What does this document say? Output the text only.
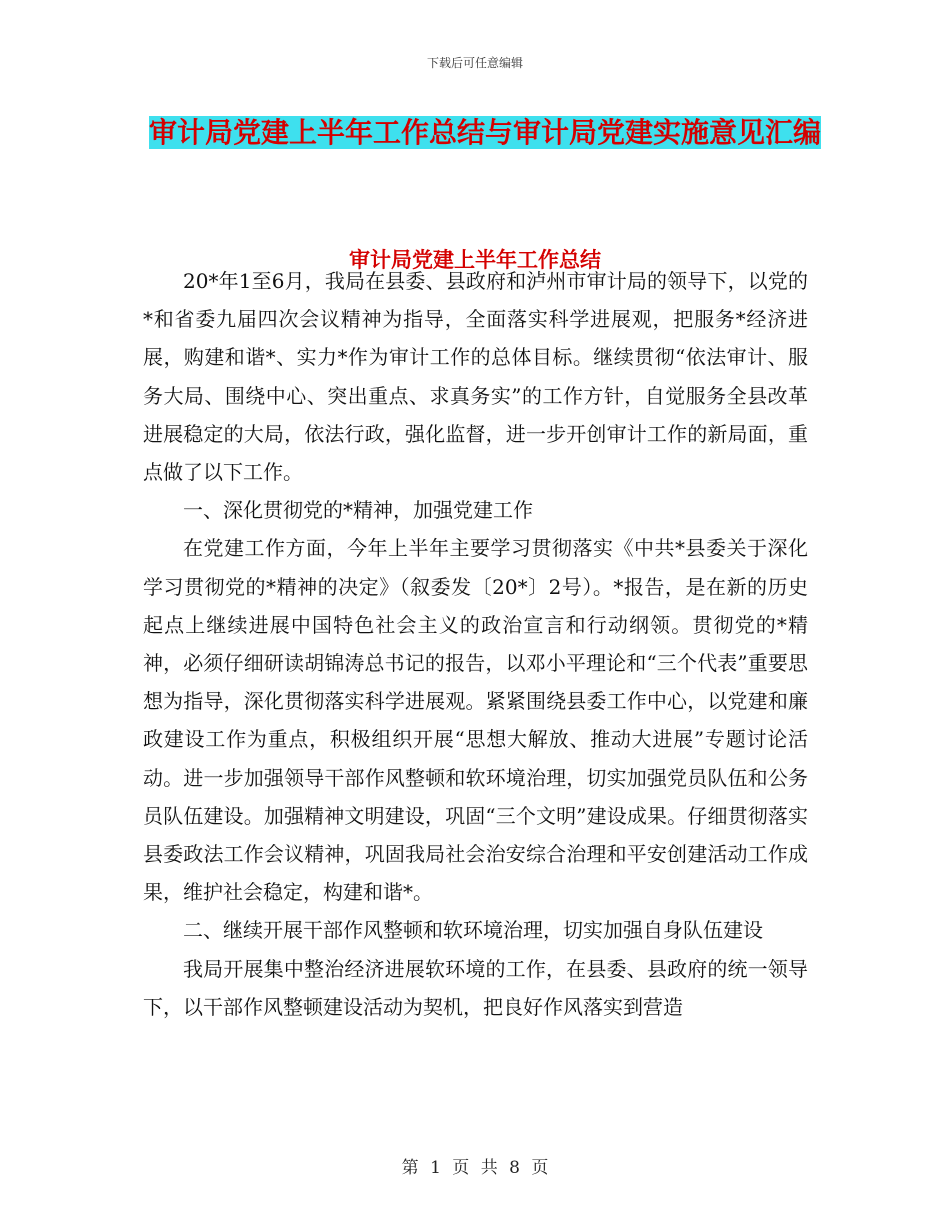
下载后可任意编辑
审计局党建上半年工作总结与审计局党建实施意见汇编
审计局党建上半年工作总结

20*年1至6月，我局在县委、县政府和泸州市审计局的领导下，以党的*和省委九届四次会议精神为指导，全面落实科学进展观，把服务*经济进展，购建和谐*、实力*作为审计工作的总体目标。继续贯彻“依法审计、服务大局、围绕中心、突出重点、求真务实”的工作方针，自觉服务全县改革进展稳定的大局，依法行政，强化监督，进一步开创审计工作的新局面，重点做了以下工作。

一、深化贯彻党的*精神，加强党建工作

在党建工作方面，今年上半年主要学习贯彻落实《中共*县委关于深化学习贯彻党的*精神的决定》（叙委发〔20*〕2号）。*报告，是在新的历史起点上继续进展中国特色社会主义的政治宣言和行动纲领。贯彻党的*精神，必须仔细研读胡锦涛总书记的报告，以邓小平理论和“三个代表”重要思想为指导，深化贯彻落实科学进展观。紧紧围绕县委工作中心，以党建和廉政建设工作为重点，积极组织开展“思想大解放、推动大进展”专题讨论活动。进一步加强领导干部作风整顿和软环境治理，切实加强党员队伍和公务员队伍建设。加强精神文明建设，巩固“三个文明”建设成果。仔细贯彻落实县委政法工作会议精神，巩固我局社会治安综合治理和平安创建活动工作成果，维护社会稳定，构建和谐*。

二、继续开展干部作风整顿和软环境治理，切实加强自身队伍建设

我局开展集中整治经济进展软环境的工作，在县委、县政府的统一领导下，以干部作风整顿建设活动为契机，把良好作风落实到营造

第 1 页 共 8 页
